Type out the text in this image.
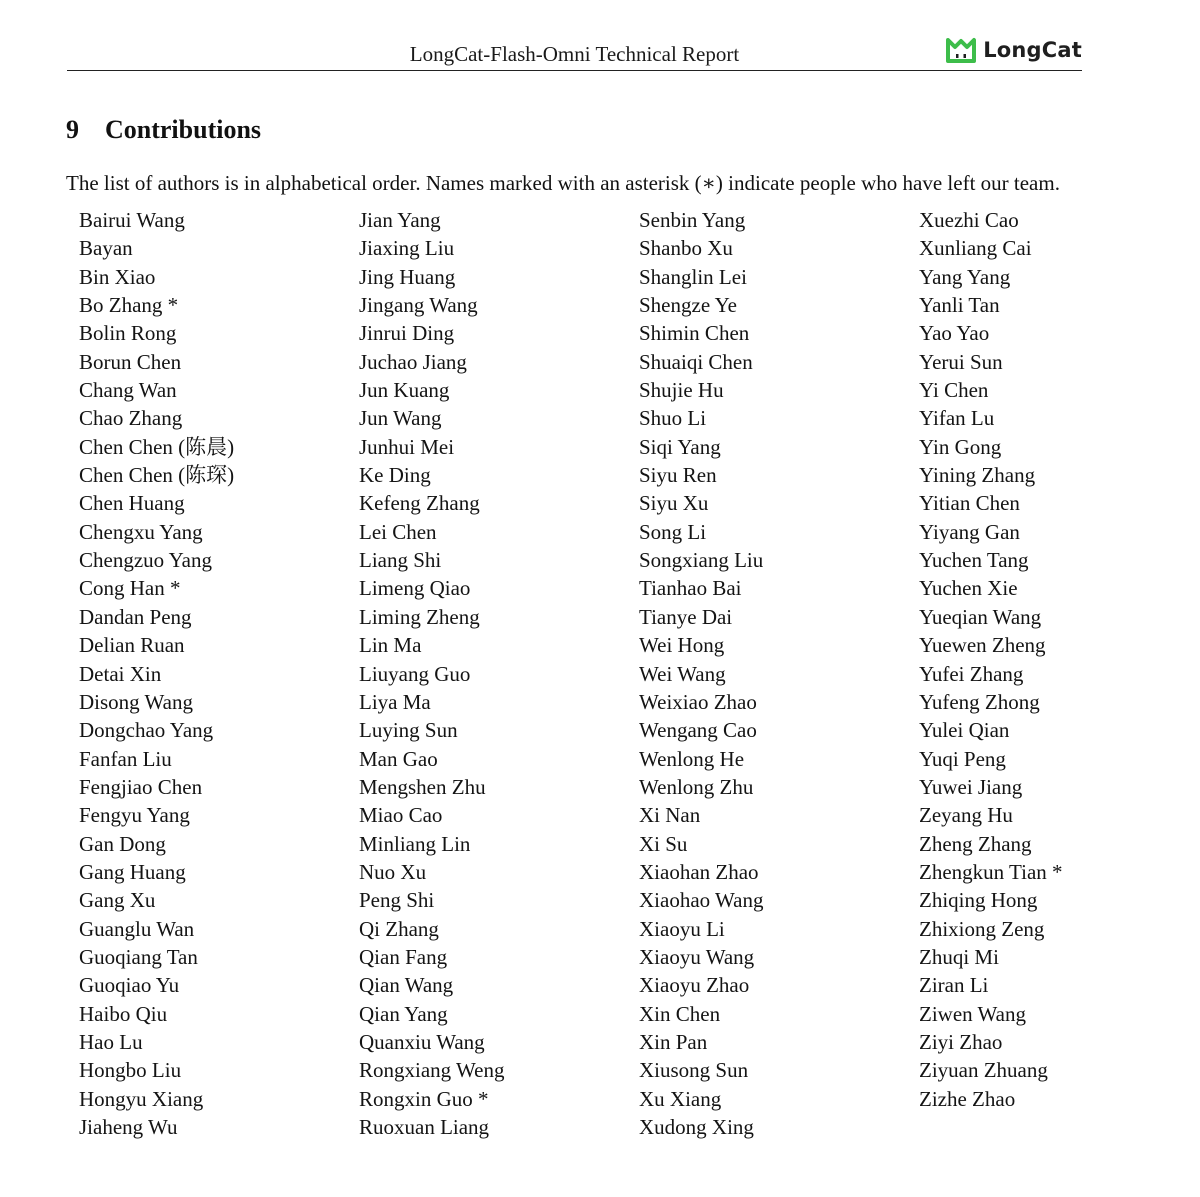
LongCat-Flash-Omni Technical Report	LongCat
9 Contributions

The list of authors is in alphabetical order. Names marked with an asterisk (∗) indicate people who have left our team.

Bairui Wang
Bayan
Bin Xiao
Bo Zhang *
Bolin Rong
Borun Chen
Chang Wan
Chao Zhang
Chen Chen (陈晨)
Chen Chen (陈琛)
Chen Huang
Chengxu Yang
Chengzuo Yang
Cong Han *
Dandan Peng
Delian Ruan
Detai Xin
Disong Wang
Dongchao Yang
Fanfan Liu
Fengjiao Chen
Fengyu Yang
Gan Dong
Gang Huang
Gang Xu
Guanglu Wan
Guoqiang Tan
Guoqiao Yu
Haibo Qiu
Hao Lu
Hongbo Liu
Hongyu Xiang
Jiaheng Wu
Jian Yang
Jiaxing Liu
Jing Huang
Jingang Wang
Jinrui Ding
Juchao Jiang
Jun Kuang
Jun Wang
Junhui Mei
Ke Ding
Kefeng Zhang
Lei Chen
Liang Shi
Limeng Qiao
Liming Zheng
Lin Ma
Liuyang Guo
Liya Ma
Luying Sun
Man Gao
Mengshen Zhu
Miao Cao
Minliang Lin
Nuo Xu
Peng Shi
Qi Zhang
Qian Fang
Qian Wang
Qian Yang
Quanxiu Wang
Rongxiang Weng
Rongxin Guo *
Ruoxuan Liang
Senbin Yang
Shanbo Xu
Shanglin Lei
Shengze Ye
Shimin Chen
Shuaiqi Chen
Shujie Hu
Shuo Li
Siqi Yang
Siyu Ren
Siyu Xu
Song Li
Songxiang Liu
Tianhao Bai
Tianye Dai
Wei Hong
Wei Wang
Weixiao Zhao
Wengang Cao
Wenlong He
Wenlong Zhu
Xi Nan
Xi Su
Xiaohan Zhao
Xiaohao Wang
Xiaoyu Li
Xiaoyu Wang
Xiaoyu Zhao
Xin Chen
Xin Pan
Xiusong Sun
Xu Xiang
Xudong Xing
Xuezhi Cao
Xunliang Cai
Yang Yang
Yanli Tan
Yao Yao
Yerui Sun
Yi Chen
Yifan Lu
Yin Gong
Yining Zhang
Yitian Chen
Yiyang Gan
Yuchen Tang
Yuchen Xie
Yueqian Wang
Yuewen Zheng
Yufei Zhang
Yufeng Zhong
Yulei Qian
Yuqi Peng
Yuwei Jiang
Zeyang Hu
Zheng Zhang
Zhengkun Tian *
Zhiqing Hong
Zhixiong Zeng
Zhuqi Mi
Ziran Li
Ziwen Wang
Ziyi Zhao
Ziyuan Zhuang
Zizhe Zhao
